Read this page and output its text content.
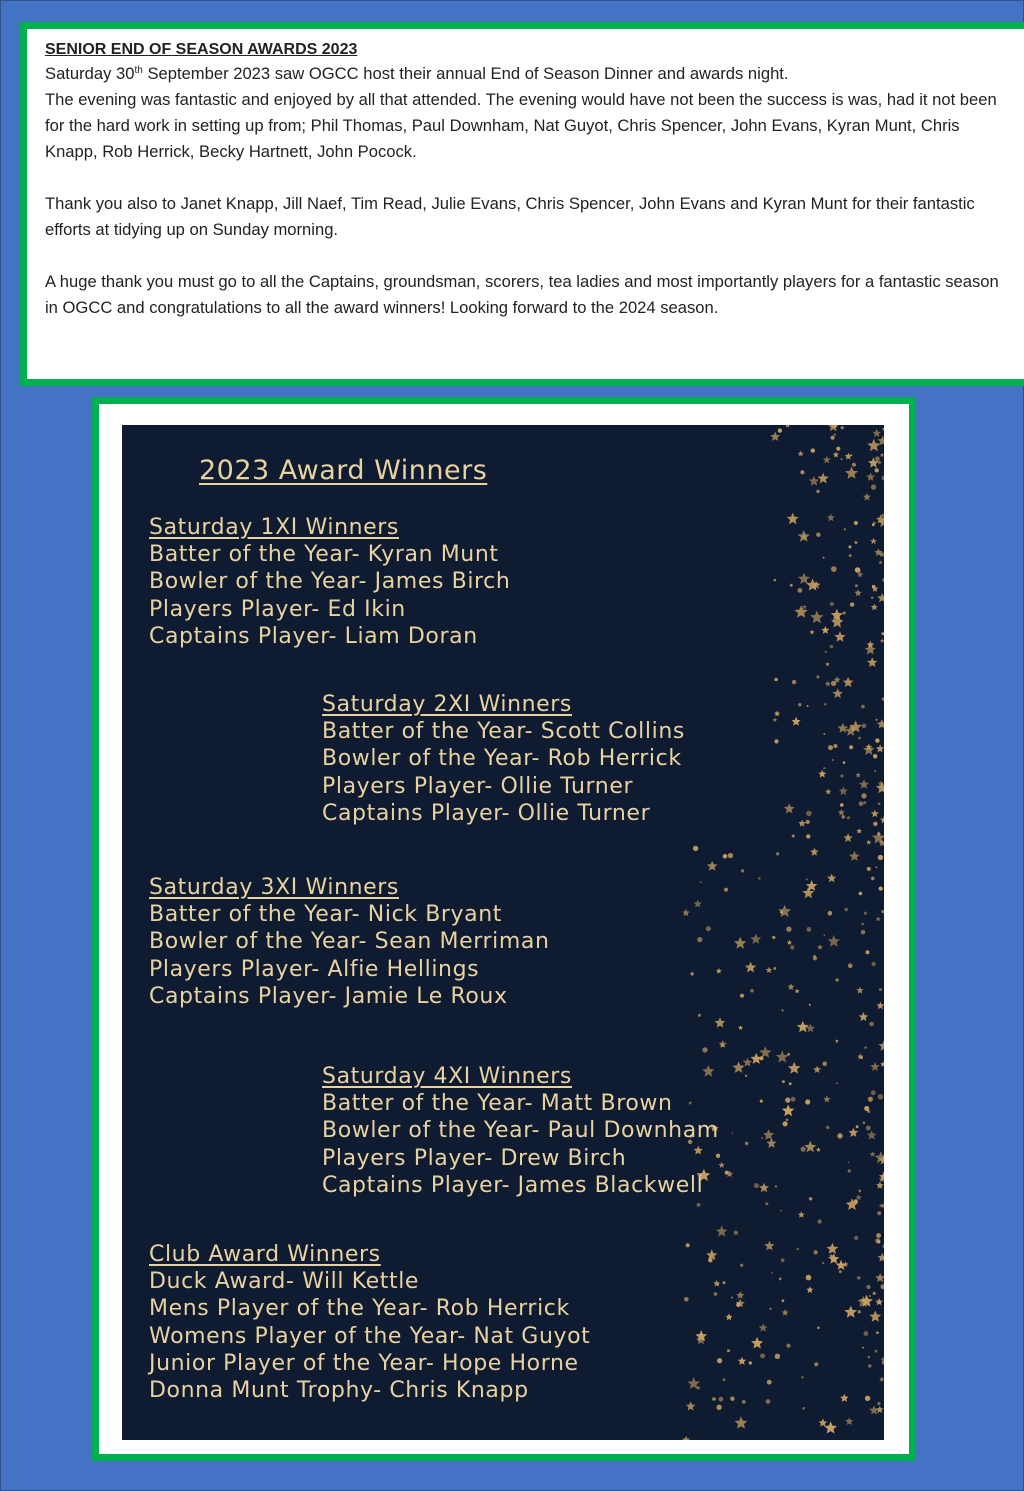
SENIOR END OF SEASON AWARDS 2023

Saturday 30th September 2023 saw OGCC host their annual End of Season Dinner and awards night.
The evening was fantastic and enjoyed by all that attended. The evening would have not been the success is was, had it not been for the hard work in setting up from; Phil Thomas, Paul Downham, Nat Guyot, Chris Spencer, John Evans, Kyran Munt, Chris Knapp, Rob Herrick, Becky Hartnett, John Pocock.

Thank you also to Janet Knapp, Jill Naef, Tim Read, Julie Evans, Chris Spencer, John Evans and Kyran Munt for their fantastic efforts at tidying up on Sunday morning.

A huge thank you must go to all the Captains, groundsman, scorers, tea ladies and most importantly players for a fantastic season in OGCC and congratulations to all the award winners! Looking forward to the 2024 season.

2023 Award Winners
Saturday 1XI Winners
Batter of the Year- Kyran Munt
Bowler of the Year- James Birch
Players Player- Ed Ikin
Captains Player- Liam Doran
Saturday 2XI Winners
Batter of the Year- Scott Collins
Bowler of the Year- Rob Herrick
Players Player- Ollie Turner
Captains Player- Ollie Turner
Saturday 3XI Winners
Batter of the Year- Nick Bryant
Bowler of the Year- Sean Merriman
Players Player- Alfie Hellings
Captains Player- Jamie Le Roux
Saturday 4XI Winners
Batter of the Year- Matt Brown
Bowler of the Year- Paul Downham
Players Player- Drew Birch
Captains Player- James Blackwell
Club Award Winners
Duck Award- Will Kettle
Mens Player of the Year- Rob Herrick
Womens Player of the Year- Nat Guyot
Junior Player of the Year- Hope Horne
Donna Munt Trophy- Chris Knapp
